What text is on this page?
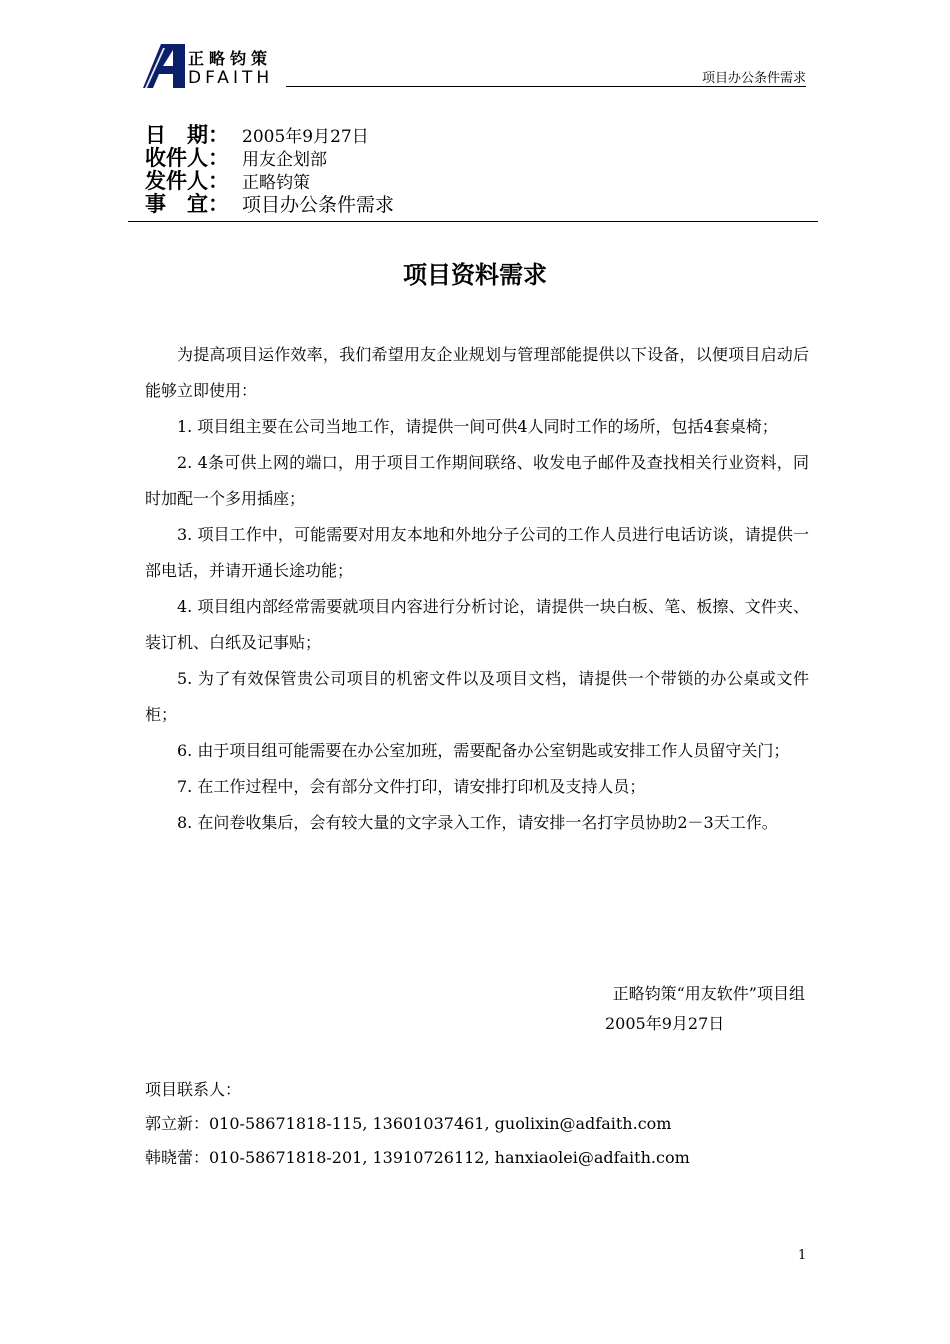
正略钧策
DFAITH	项目办公条件需求
日　期： 2005年9月27日
收件人： 用友企划部
发件人： 正略钧策
事　宜： 项目办公条件需求
项目资料需求

为提高项目运作效率，我们希望用友企业规划与管理部能提供以下设备，以便项目启动后能够立即使用：

1. 项目组主要在公司当地工作，请提供一间可供4人同时工作的场所，包括4套桌椅；

2. 4条可供上网的端口，用于项目工作期间联络、收发电子邮件及查找相关行业资料，同时加配一个多用插座；

3. 项目工作中，可能需要对用友本地和外地分子公司的工作人员进行电话访谈，请提供一部电话，并请开通长途功能；

4. 项目组内部经常需要就项目内容进行分析讨论，请提供一块白板、笔、板擦、文件夹、装订机、白纸及记事贴；

5. 为了有效保管贵公司项目的机密文件以及项目文档，请提供一个带锁的办公桌或文件柜；

6. 由于项目组可能需要在办公室加班，需要配备办公室钥匙或安排工作人员留守关门；

7. 在工作过程中，会有部分文件打印，请安排打印机及支持人员；

8. 在问卷收集后，会有较大量的文字录入工作，请安排一名打字员协助2－3天工作。

正略钧策“用友软件”项目组
2005年9月27日
项目联系人：
郭立新：010-58671818-115, 13601037461, guolixin@adfaith.com
韩晓蕾：010-58671818-201, 13910726112, hanxiaolei@adfaith.com
1
